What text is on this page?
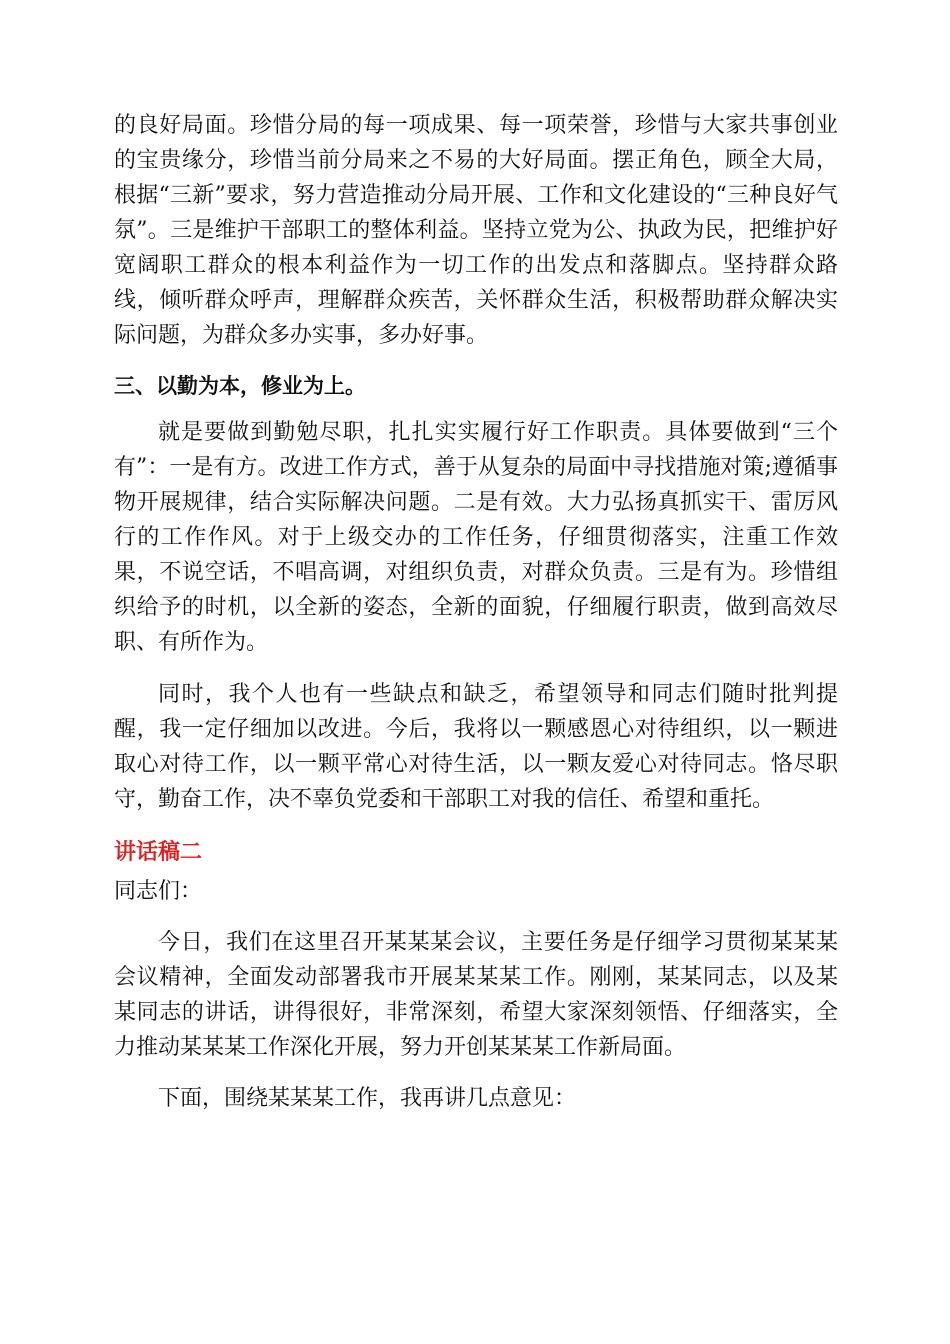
的良好局面。珍惜分局的每一项成果、每一项荣誉，珍惜与大家共事创业的宝贵缘分，珍惜当前分局来之不易的大好局面。摆正角色，顾全大局，根据“三新”要求，努力营造推动分局开展、工作和文化建设的“三种良好气氛”。三是维护干部职工的整体利益。坚持立党为公、执政为民，把维护好宽阔职工群众的根本利益作为一切工作的出发点和落脚点。坚持群众路线，倾听群众呼声，理解群众疾苦，关怀群众生活，积极帮助群众解决实际问题，为群众多办实事，多办好事。

三、以勤为本，修业为上。

就是要做到勤勉尽职，扎扎实实履行好工作职责。具体要做到“三个有”：一是有方。改进工作方式，善于从复杂的局面中寻找措施对策;遵循事物开展规律，结合实际解决问题。二是有效。大力弘扬真抓实干、雷厉风行的工作作风。对于上级交办的工作任务，仔细贯彻落实，注重工作效果，不说空话，不唱高调，对组织负责，对群众负责。三是有为。珍惜组织给予的时机，以全新的姿态，全新的面貌，仔细履行职责，做到高效尽职、有所作为。

同时，我个人也有一些缺点和缺乏，希望领导和同志们随时批判提醒，我一定仔细加以改进。今后，我将以一颗感恩心对待组织，以一颗进取心对待工作，以一颗平常心对待生活，以一颗友爱心对待同志。恪尽职守，勤奋工作，决不辜负党委和干部职工对我的信任、希望和重托。

讲话稿二

同志们：

今日，我们在这里召开某某某会议，主要任务是仔细学习贯彻某某某会议精神，全面发动部署我市开展某某某工作。刚刚，某某同志，以及某某同志的讲话，讲得很好，非常深刻，希望大家深刻领悟、仔细落实，全力推动某某某工作深化开展，努力开创某某某工作新局面。

下面，围绕某某某工作，我再讲几点意见：
